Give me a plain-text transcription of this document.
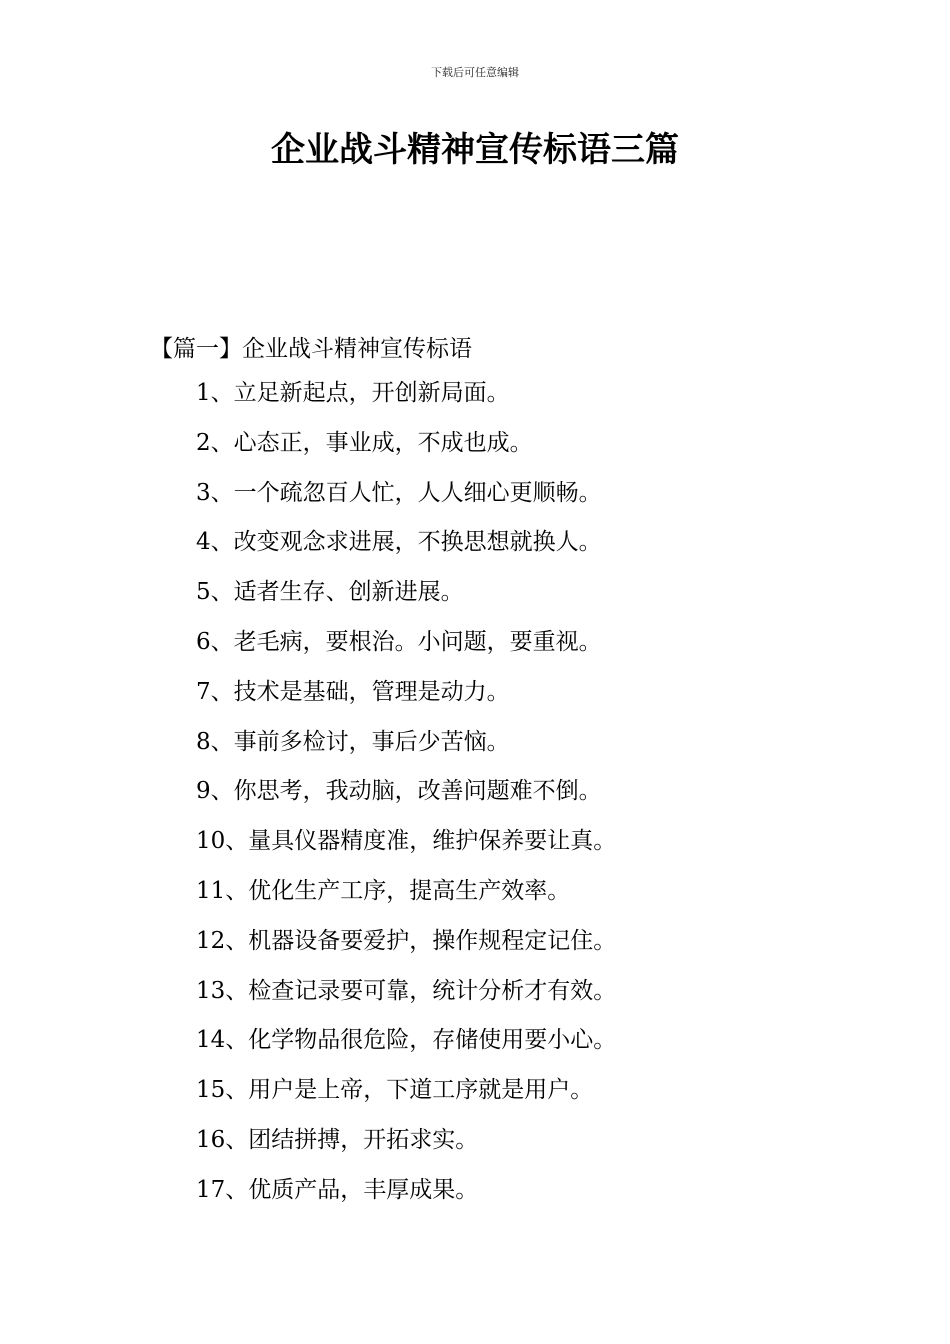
下载后可任意编辑
企业战斗精神宣传标语三篇
【篇一】企业战斗精神宣传标语
1、立足新起点，开创新局面。
2、心态正，事业成，不成也成。
3、一个疏忽百人忙，人人细心更顺畅。
4、改变观念求进展，不换思想就换人。
5、适者生存、创新进展。
6、老毛病，要根治。小问题，要重视。
7、技术是基础，管理是动力。
8、事前多检讨，事后少苦恼。
9、你思考，我动脑，改善问题难不倒。
10、量具仪器精度准，维护保养要让真。
11、优化生产工序，提高生产效率。
12、机器设备要爱护，操作规程定记住。
13、检查记录要可靠，统计分析才有效。
14、化学物品很危险，存储使用要小心。
15、用户是上帝，下道工序就是用户。
16、团结拼搏，开拓求实。
17、优质产品，丰厚成果。
